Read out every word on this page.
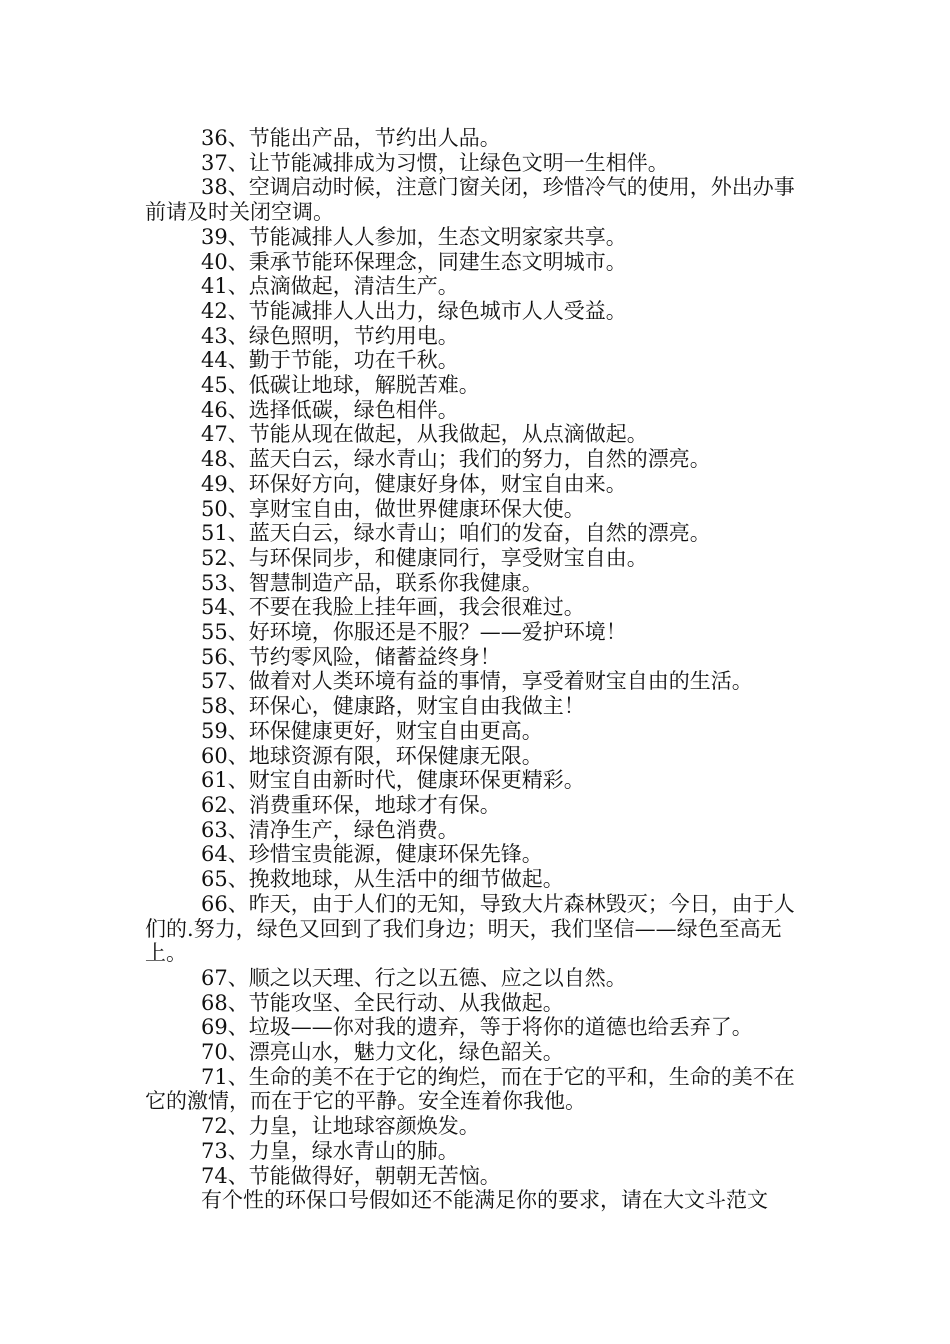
36、节能出产品，节约出人品。

37、让节能减排成为习惯，让绿色文明一生相伴。

38、空调启动时候，注意门窗关闭，珍惜冷气的使用，外出办事前请及时关闭空调。

39、节能减排人人参加，生态文明家家共享。

40、秉承节能环保理念，同建生态文明城市。

41、点滴做起，清洁生产。

42、节能减排人人出力，绿色城市人人受益。

43、绿色照明，节约用电。

44、勤于节能，功在千秋。

45、低碳让地球，解脱苦难。

46、选择低碳，绿色相伴。

47、节能从现在做起，从我做起，从点滴做起。

48、蓝天白云，绿水青山；我们的努力，自然的漂亮。

49、环保好方向，健康好身体，财宝自由来。

50、享财宝自由，做世界健康环保大使。

51、蓝天白云，绿水青山；咱们的发奋，自然的漂亮。

52、与环保同步，和健康同行，享受财宝自由。

53、智慧制造产品，联系你我健康。

54、不要在我脸上挂年画，我会很难过。

55、好环境，你服还是不服？——爱护环境！

56、节约零风险，储蓄益终身！

57、做着对人类环境有益的事情，享受着财宝自由的生活。

58、环保心，健康路，财宝自由我做主！

59、环保健康更好，财宝自由更高。

60、地球资源有限，环保健康无限。

61、财宝自由新时代，健康环保更精彩。

62、消费重环保，地球才有保。

63、清净生产，绿色消费。

64、珍惜宝贵能源，健康环保先锋。

65、挽救地球，从生活中的细节做起。

66、昨天，由于人们的无知，导致大片森林毁灭；今日，由于人们的.努力，绿色又回到了我们身边；明天，我们坚信——绿色至高无上。

67、顺之以天理、行之以五德、应之以自然。

68、节能攻坚、全民行动、从我做起。

69、垃圾——你对我的遗弃，等于将你的道德也给丢弃了。

70、漂亮山水，魅力文化，绿色韶关。

71、生命的美不在于它的绚烂，而在于它的平和，生命的美不在它的激情，而在于它的平静。安全连着你我他。

72、力皇，让地球容颜焕发。

73、力皇，绿水青山的肺。

74、节能做得好，朝朝无苦恼。

有个性的环保口号假如还不能满足你的要求，请在大文斗范文
